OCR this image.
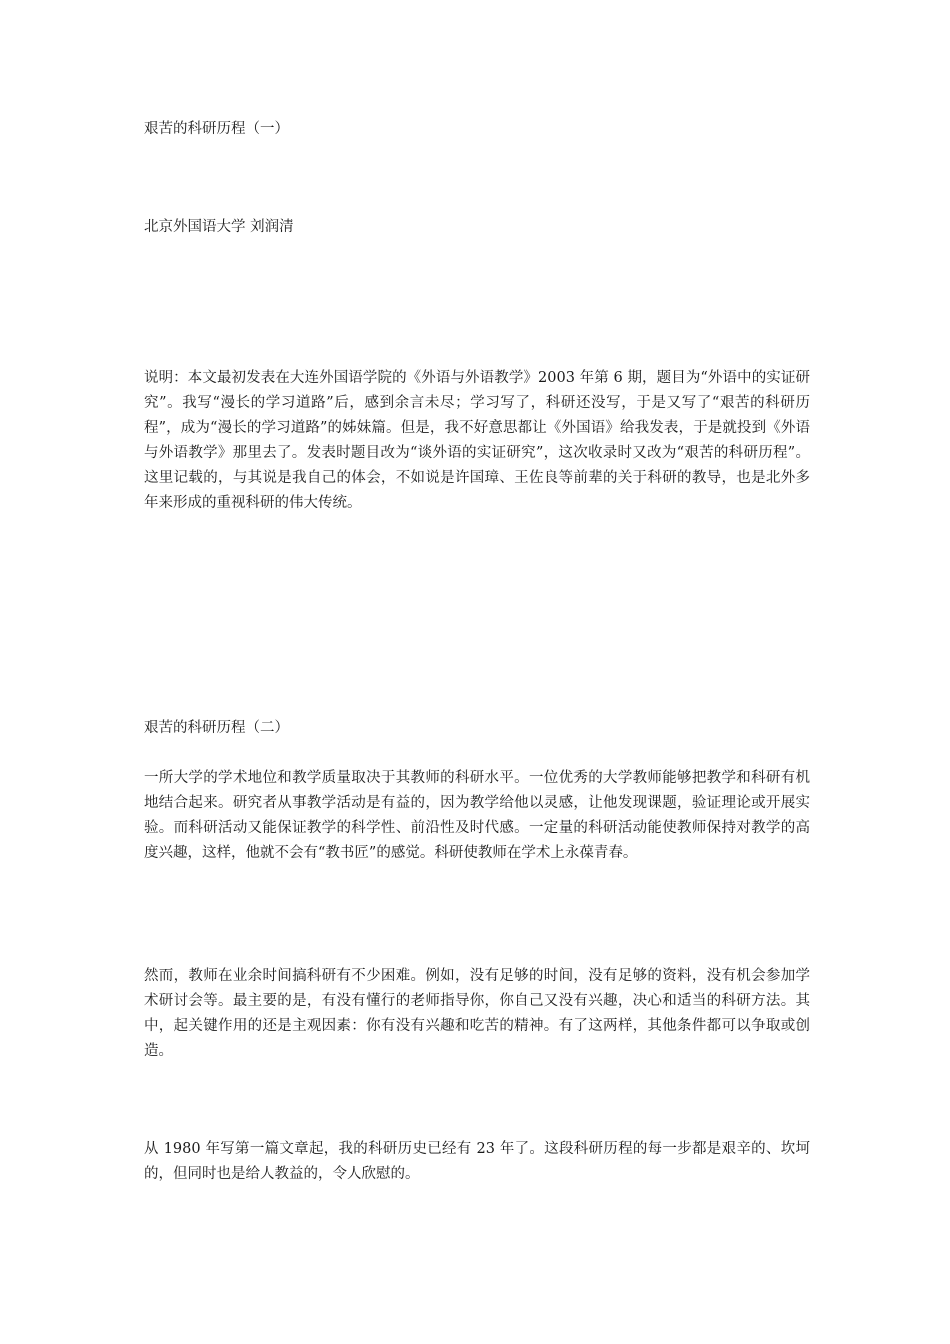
艰苦的科研历程（一）

北京外国语大学 刘润清

说明：本文最初发表在大连外国语学院的《外语与外语教学》2003 年第 6 期，题目为“外语中的实证研究”。我写“漫长的学习道路”后，感到余言未尽；学习写了，科研还没写，于是又写了“艰苦的科研历程”，成为“漫长的学习道路”的姊妹篇。但是，我不好意思都让《外国语》给我发表，于是就投到《外语与外语教学》那里去了。发表时题目改为“谈外语的实证研究”，这次收录时又改为“艰苦的科研历程”。这里记载的，与其说是我自己的体会，不如说是许国璋、王佐良等前辈的关于科研的教导，也是北外多年来形成的重视科研的伟大传统。

艰苦的科研历程（二）

一所大学的学术地位和教学质量取决于其教师的科研水平。一位优秀的大学教师能够把教学和科研有机地结合起来。研究者从事教学活动是有益的，因为教学给他以灵感，让他发现课题，验证理论或开展实验。而科研活动又能保证教学的科学性、前沿性及时代感。一定量的科研活动能使教师保持对教学的高度兴趣，这样，他就不会有“教书匠”的感觉。科研使教师在学术上永葆青春。

然而，教师在业余时间搞科研有不少困难。例如，没有足够的时间，没有足够的资料，没有机会参加学术研讨会等。最主要的是，有没有懂行的老师指导你，你自己又没有兴趣，决心和适当的科研方法。其中，起关键作用的还是主观因素：你有没有兴趣和吃苦的精神。有了这两样，其他条件都可以争取或创造。

从 1980 年写第一篇文章起，我的科研历史已经有 23 年了。这段科研历程的每一步都是艰辛的、坎坷的，但同时也是给人教益的，令人欣慰的。
